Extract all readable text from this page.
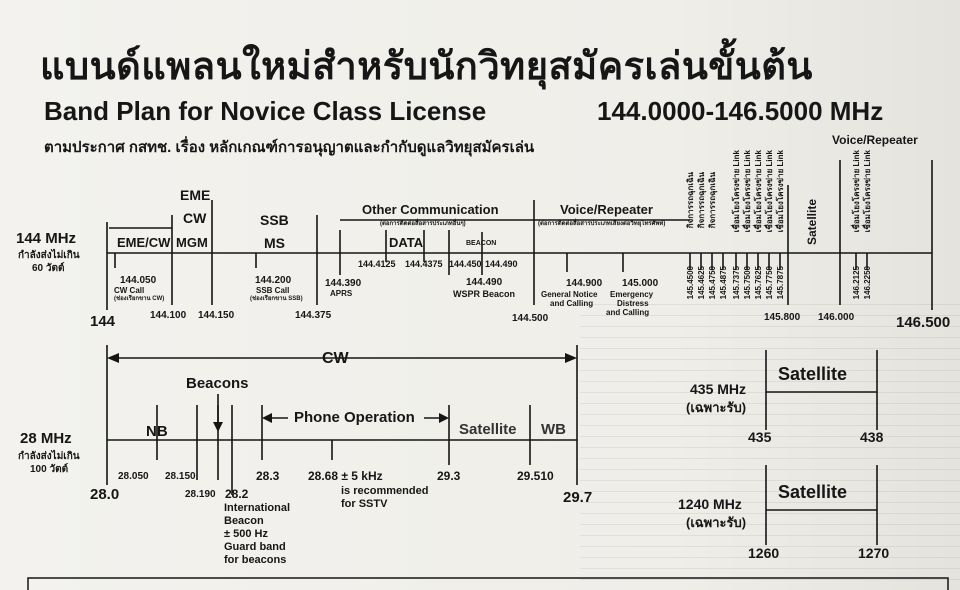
แบนด์แพลนใหม่สำหรับนักวิทยุสมัครเล่นขั้นต้น
Band Plan for Novice Class License	144.0000-146.5000 MHz
ตามประกาศ กสทช. เรื่อง หลักเกณฑ์การอนุญาตและกำกับดูแลวิทยุสมัครเล่น
144 MHz
กำลังส่งไม่เกิน
60 วัตต์
EME
EME/CW
CW
MGM
SSB
MS
Other Communication
(ต่อการติดต่อสื่อสารประเภทอื่นๆ)
DATA	BEACON
Voice/Repeater
(ต่อการติดต่อสื่อสารประเภทเสียงต่อวิทยุโทรศัพท์)
Voice/Repeater
Satellite
144.050
CW Call
(ช่องเรียกขาน CW)
144.200
SSB Call
(ช่องเรียกขาน SSB)
144.390
APRS
144.4125 144.4375 144.450 144.490
144.490
WSPR Beacon
144.900
General Notice
and Calling
145.000
Emergency
Distress
and Calling
144.100 144.150	144.375	144.500	145.800 146.000
144	146.500
กิจการรถฉุกเฉิน กิจการรถฉุกเฉิน กิจการรถฉุกเฉิน
145.4500 145.4625 145.4750 145.4875
เชื่อมโยงโครงข่าย Link เชื่อมโยงโครงข่าย Link เชื่อมโยงโครงข่าย Link เชื่อมโยงโครงข่าย Link เชื่อมโยงโครงข่าย Link
145.7375 145.7500 145.7625 145.7750 145.7875
เชื่อมโยงโครงข่าย Link เชื่อมโยงโครงข่าย Link
146.2125 146.2250
28 MHz
กำลังส่งไม่เกิน
100 วัตต์
CW
Beacons
NB
Phone Operation
Satellite WB
28.050 28.150
28.190 28.2
28.3 28.68 ± 5 kHz
is recommended
for SSTV
29.3	29.510
28.0	29.7
International
Beacon
± 500 Hz
Guard band
for beacons
435 MHz
(เฉพาะรับ)
Satellite
435	438
1240 MHz
(เฉพาะรับ)
Satellite
1260	1270
